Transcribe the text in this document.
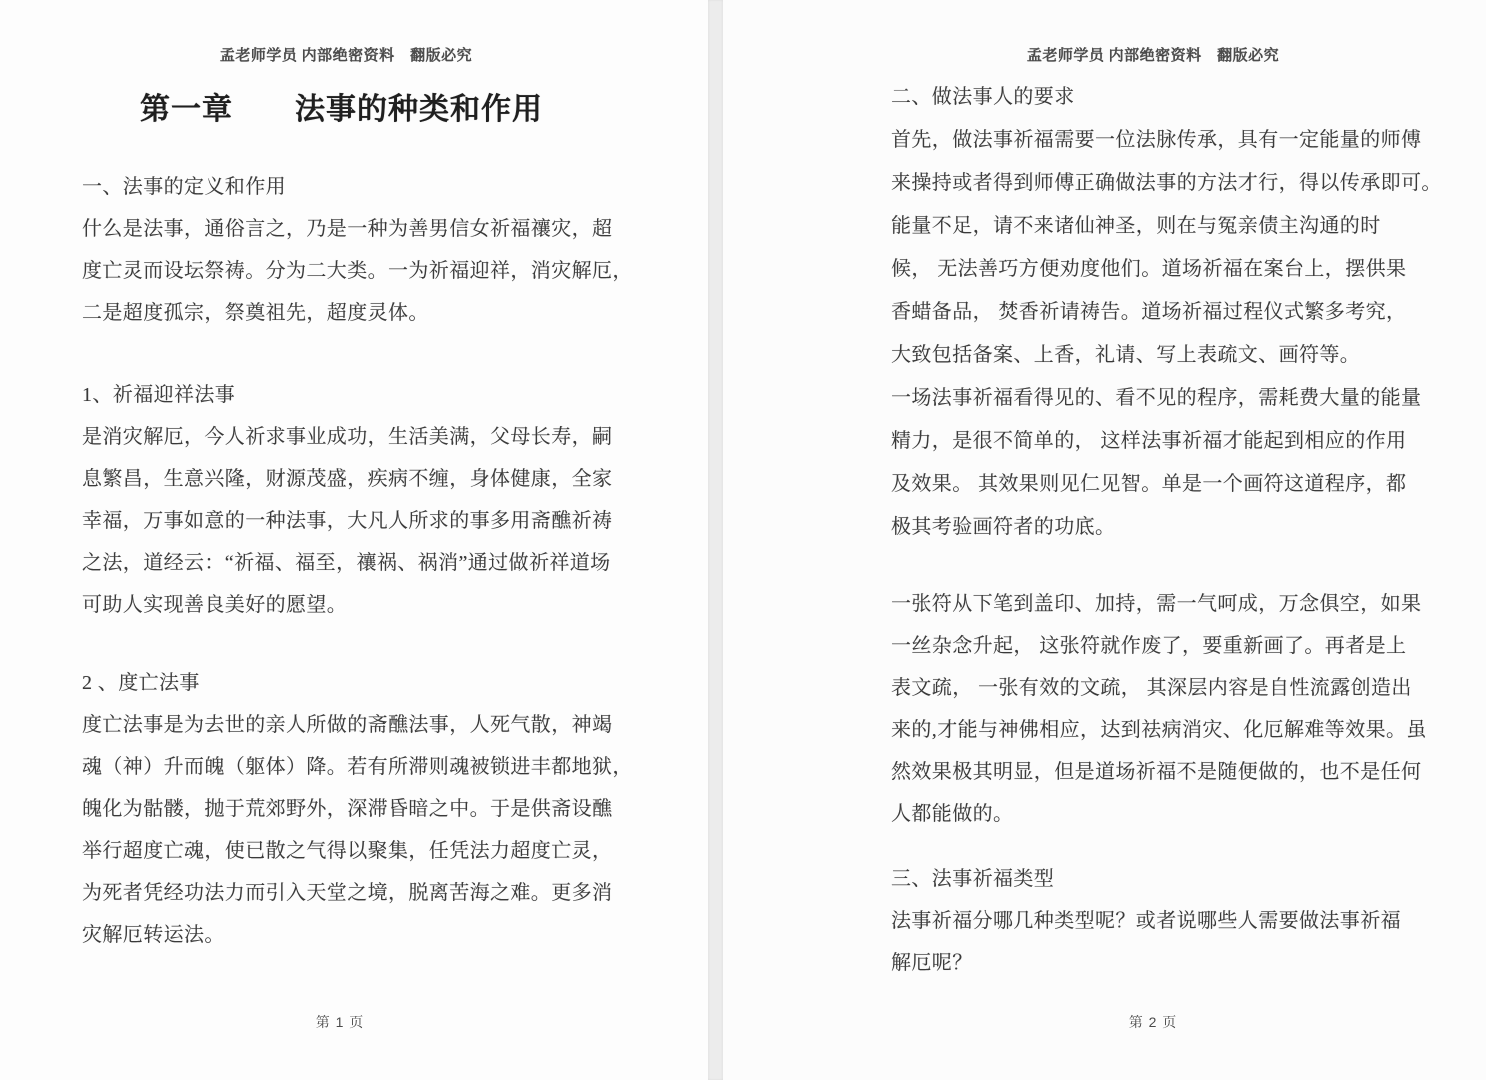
孟老师学员 内部绝密资料　翻版必究
第一章　　法事的种类和作用
一、法事的定义和作用
什么是法事，通俗言之，乃是一种为善男信女祈福禳灾，超
度亡灵而设坛祭祷。分为二大类。一为祈福迎祥，消灾解厄，
二是超度孤宗，祭奠祖先，超度灵体。
1、祈福迎祥法事
是消灾解厄，今人祈求事业成功，生活美满，父母长寿，嗣
息繁昌，生意兴隆，财源茂盛，疾病不缠，身体健康，全家
幸福，万事如意的一种法事，大凡人所求的事多用斋醮祈祷
之法，道经云：“祈福、福至，禳祸、祸消”通过做祈祥道场
可助人实现善良美好的愿望。
2 、度亡法事
度亡法事是为去世的亲人所做的斋醮法事，人死气散，神竭
魂（神）升而魄（躯体）降。若有所滞则魂被锁进丰都地狱，
魄化为骷髅，抛于荒郊野外，深滞昏暗之中。于是供斋设醮
举行超度亡魂，使已散之气得以聚集，任凭法力超度亡灵，
为死者凭经功法力而引入天堂之境，脱离苦海之难。更多消
灾解厄转运法。
第 1 页
孟老师学员 内部绝密资料　翻版必究
二、做法事人的要求
首先，做法事祈福需要一位法脉传承，具有一定能量的师傅
来操持或者得到师傅正确做法事的方法才行，得以传承即可。
能量不足，请不来诸仙神圣，则在与冤亲债主沟通的时
候， 无法善巧方便劝度他们。道场祈福在案台上，摆供果
香蜡备品， 焚香祈请祷告。道场祈福过程仪式繁多考究，
大致包括备案、上香，礼请、写上表疏文、画符等。
一场法事祈福看得见的、看不见的程序，需耗费大量的能量
精力，是很不简单的， 这样法事祈福才能起到相应的作用
及效果。 其效果则见仁见智。单是一个画符这道程序，都
极其考验画符者的功底。
一张符从下笔到盖印、加持，需一气呵成，万念俱空，如果
一丝杂念升起， 这张符就作废了，要重新画了。再者是上
表文疏， 一张有效的文疏， 其深层内容是自性流露创造出
来的,才能与神佛相应，达到祛病消灾、化厄解难等效果。虽
然效果极其明显，但是道场祈福不是随便做的，也不是任何
人都能做的。
三、法事祈福类型
法事祈福分哪几种类型呢？或者说哪些人需要做法事祈福
解厄呢？
第 2 页
